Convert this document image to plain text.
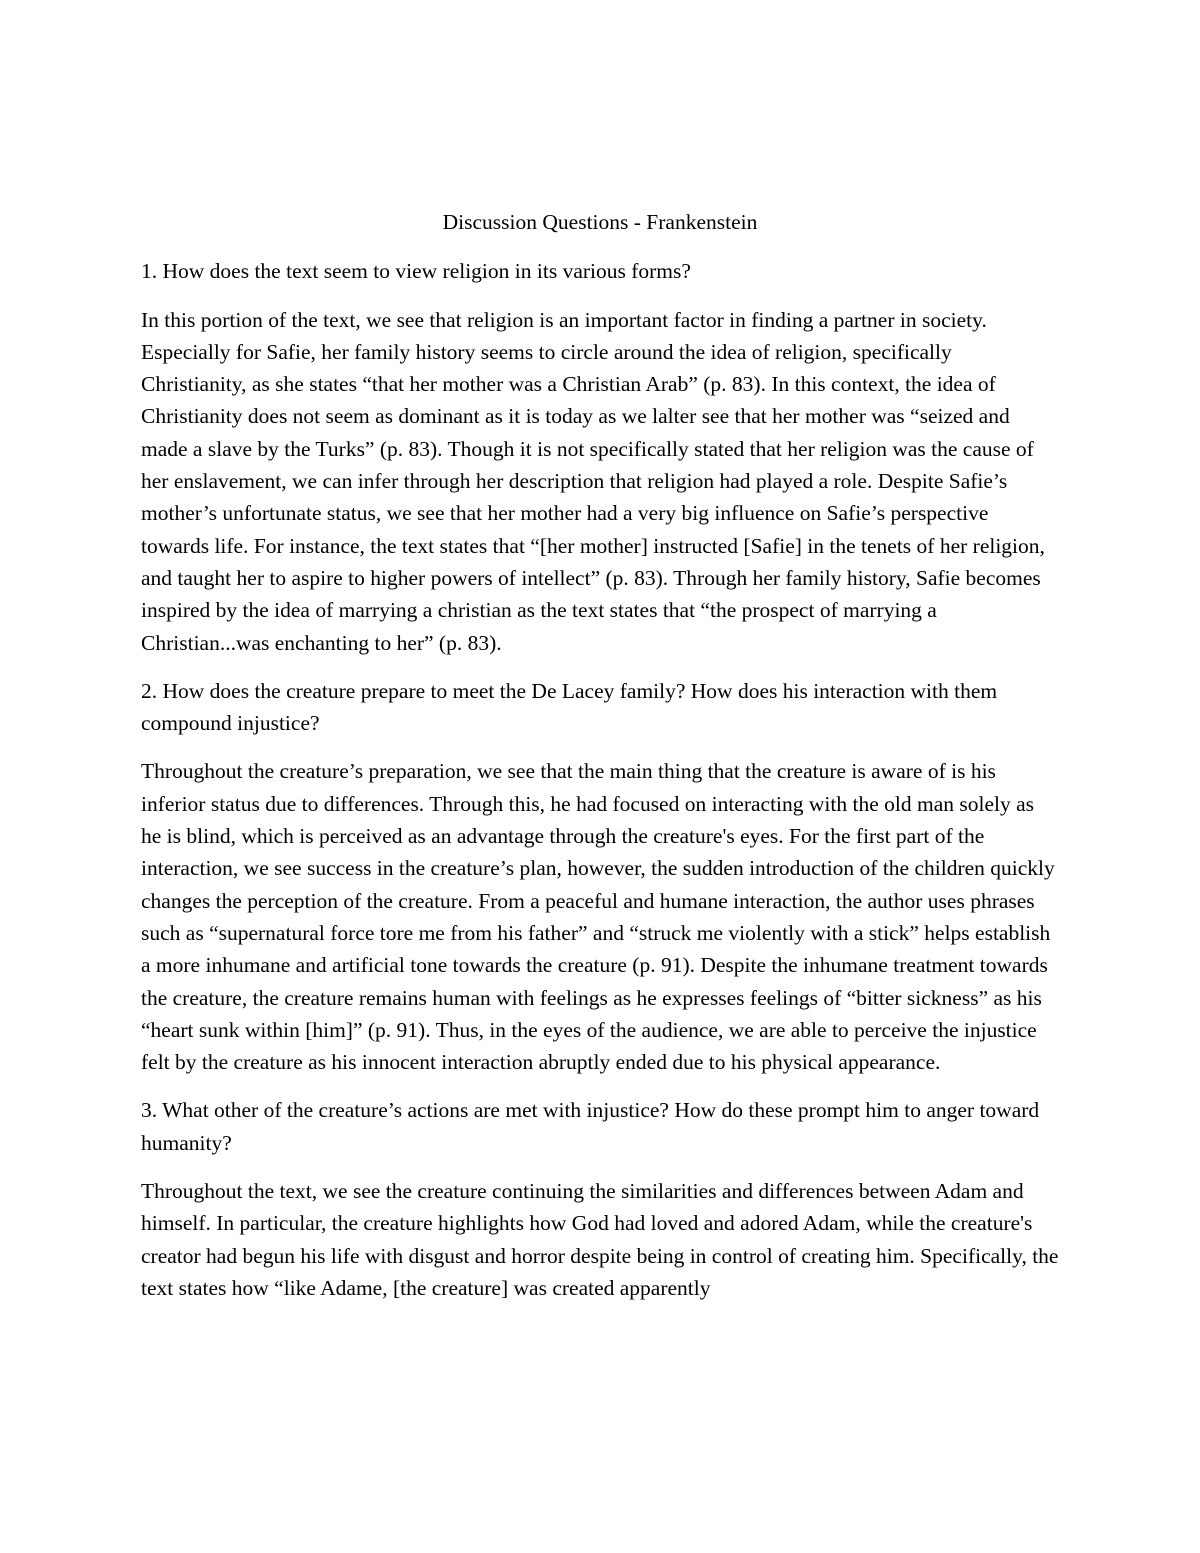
Discussion Questions - Frankenstein
1. How does the text seem to view religion in its various forms?
In this portion of the text, we see that religion is an important factor in finding a partner in society. Especially for Safie, her family history seems to circle around the idea of religion, specifically Christianity, as she states “that her mother was a Christian Arab” (p. 83). In this context, the idea of Christianity does not seem as dominant as it is today as we lalter see that her mother was “seized and made a slave by the Turks” (p. 83). Though it is not specifically stated that her religion was the cause of her enslavement, we can infer through her description that religion had played a role. Despite Safie’s mother’s unfortunate status, we see that her mother had a very big influence on Safie’s perspective towards life. For instance, the text states that “[her mother] instructed [Safie] in the tenets of her religion, and taught her to aspire to higher powers of intellect” (p. 83). Through her family history, Safie becomes inspired by the idea of marrying a christian as the text states that “the prospect of marrying a Christian...was enchanting to her” (p. 83).
2. How does the creature prepare to meet the De Lacey family? How does his interaction with them compound injustice?
Throughout the creature’s preparation, we see that the main thing that the creature is aware of is his inferior status due to differences. Through this, he had focused on interacting with the old man solely as he is blind, which is perceived as an advantage through the creature's eyes. For the first part of the interaction, we see success in the creature’s plan, however, the sudden introduction of the children quickly changes the perception of the creature. From a peaceful and humane interaction, the author uses phrases such as “supernatural force tore me from his father” and “struck me violently with a stick” helps establish a more inhumane and artificial tone towards the creature (p. 91). Despite the inhumane treatment towards the creature, the creature remains human with feelings as he expresses feelings of “bitter sickness” as his “heart sunk within [him]” (p. 91). Thus, in the eyes of the audience, we are able to perceive the injustice felt by the creature as his innocent interaction abruptly ended due to his physical appearance.
3. What other of the creature’s actions are met with injustice? How do these prompt him to anger toward humanity?
Throughout the text, we see the creature continuing the similarities and differences between Adam and himself. In particular, the creature highlights how God had loved and adored Adam, while the creature's creator had begun his life with disgust and horror despite being in control of creating him. Specifically, the text states how “like Adame, [the creature] was created apparently
